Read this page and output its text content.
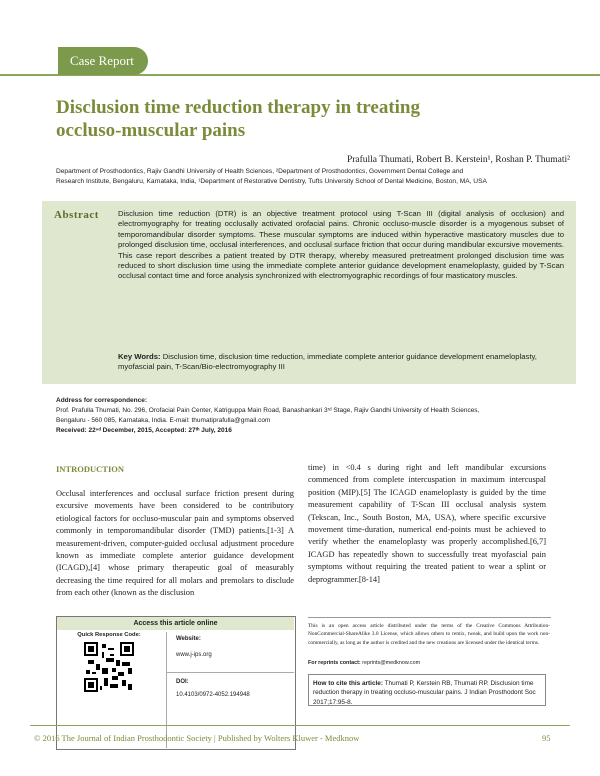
Case Report
Disclusion time reduction therapy in treating
occluso-muscular pains
Prafulla Thumati, Robert B. Kerstein¹, Roshan P. Thumati²
Department of Prosthodontics, Rajiv Gandhi University of Health Sciences, ²Department of Prosthodontics, Government Dental College and
Research Institute, Bengaluru, Karnataka, India, ¹Department of Restorative Dentistry, Tufts University School of Dental Medicine, Boston, MA, USA
Abstract Disclusion time reduction (DTR) is an objective treatment protocol using T-Scan III (digital analysis of occlusion) and electromyography for treating occlusally activated orofacial pains. Chronic occluso-muscle disorder is a myogenous subset of temporomandibular disorder symptoms. These muscular symptoms are induced within hyperactive masticatory muscles due to prolonged disclusion time, occlusal interferences, and occlusal surface friction that occur during mandibular excursive movements. This case report describes a patient treated by DTR therapy, whereby measured pretreatment prolonged disclusion time was reduced to short disclusion time using the immediate complete anterior guidance development enameloplasty, guided by T-Scan occlusal contact time and force analysis synchronized with electromyographic recordings of four masticatory muscles.
Key Words: Disclusion time, disclusion time reduction, immediate complete anterior guidance development enameloplasty, myofascial pain, T-Scan/Bio-electromyography III
Address for correspondence:
Prof. Prafulla Thumati, No. 296, Orofacial Pain Center, Katriguppa Main Road, Banashankari 3ʳᵈ Stage, Rajiv Gandhi University of Health Sciences,
Bengaluru - 560 085, Karnataka, India. E-mail: thumatiprafulla@gmail.com
Received: 22ⁿᵈ December, 2015, Accepted: 27ᵗʰ July, 2016
INTRODUCTION
Occlusal interferences and occlusal surface friction present during excursive movements have been considered to be contributory etiological factors for occluso-muscular pain and symptoms observed commonly in temporomandibular disorder (TMD) patients.[1-3] A measurement-driven, computer-guided occlusal adjustment procedure known as immediate complete anterior guidance development (ICAGD),[4] whose primary therapeutic goal of measurably decreasing the time required for all molars and premolars to disclude from each other (known as the disclusion
time) in <0.4 s during right and left mandibular excursions commenced from complete intercuspation in maximum intercuspal position (MIP).[5] The ICAGD enameloplasty is guided by the time measurement capability of T-Scan III occlusal analysis system (Tekscan, Inc., South Boston, MA, USA), where specific excursive movement time-duration, numerical end-points must be achieved to verify whether the enameloplasty was properly accomplished.[6,7] ICAGD has repeatedly shown to successfully treat myofascial pain symptoms without requiring the treated patient to wear a splint or deprogrammer.[8-14]
Access this article online
Quick Response Code:
Website:
www.j-ips.org
DOI:
10.4103/0972-4052.194948
This is an open access article distributed under the terms of the Creative Commons Attribution-NonCommercial-ShareAlike 3.0 License, which allows others to remix, tweak, and build upon the work non-commercially, as long as the author is credited and the new creations are licensed under the identical terms.
For reprints contact: reprints@medknow.com
How to cite this article: Thumati P, Kerstein RB, Thumati RP. Disclusion time reduction therapy in treating occluso-muscular pains. J Indian Prosthodont Soc 2017;17:95-8.
© 2016 The Journal of Indian Prosthodontic Society | Published by Wolters Kluwer - Medknow	95
